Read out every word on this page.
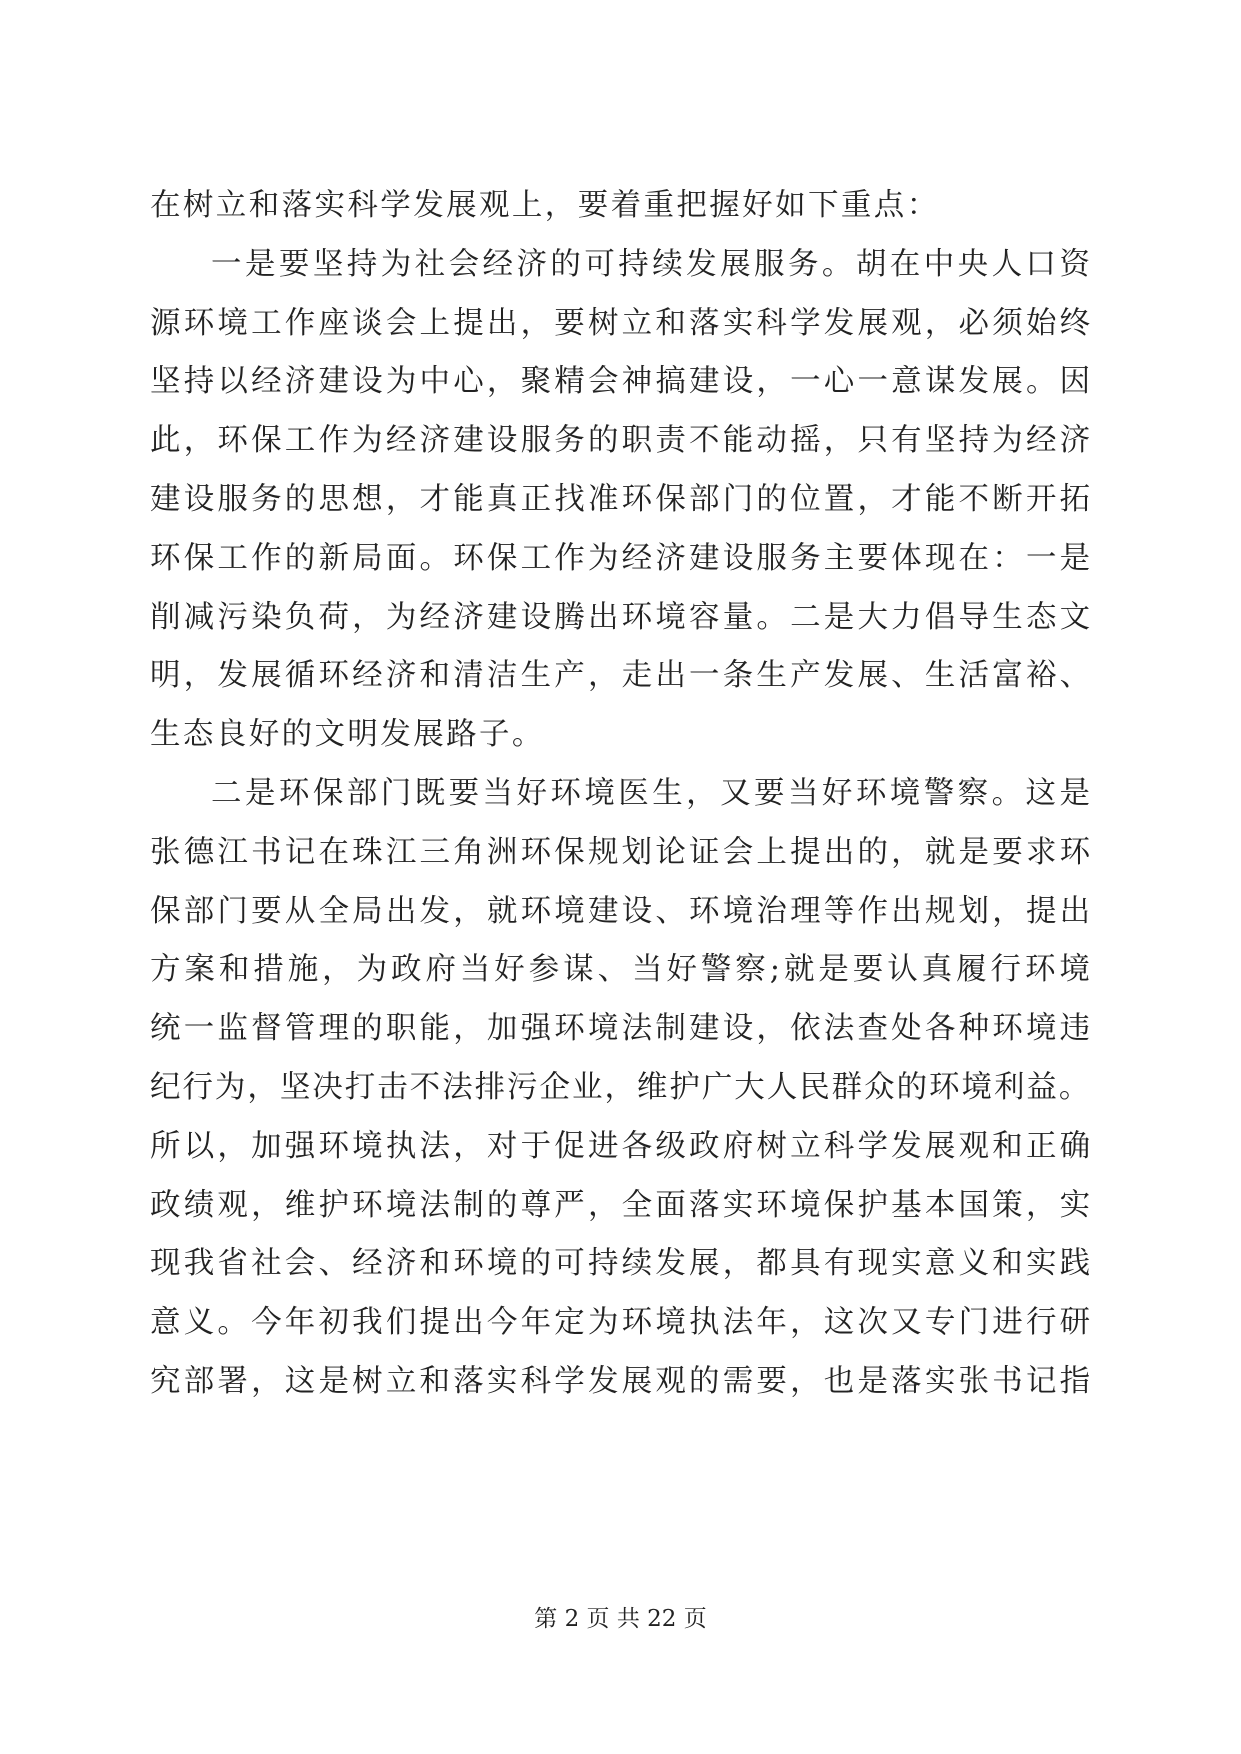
在树立和落实科学发展观上，要着重把握好如下重点：
一是要坚持为社会经济的可持续发展服务。胡在中央人口资
源环境工作座谈会上提出，要树立和落实科学发展观，必须始终
坚持以经济建设为中心，聚精会神搞建设，一心一意谋发展。因
此，环保工作为经济建设服务的职责不能动摇，只有坚持为经济
建设服务的思想，才能真正找准环保部门的位置，才能不断开拓
环保工作的新局面。环保工作为经济建设服务主要体现在：一是
削减污染负荷，为经济建设腾出环境容量。二是大力倡导生态文
明，发展循环经济和清洁生产，走出一条生产发展、生活富裕、
生态良好的文明发展路子。
二是环保部门既要当好环境医生，又要当好环境警察。这是
张德江书记在珠江三角洲环保规划论证会上提出的，就是要求环
保部门要从全局出发，就环境建设、环境治理等作出规划，提出
方案和措施，为政府当好参谋、当好警察;就是要认真履行环境
统一监督管理的职能，加强环境法制建设，依法查处各种环境违
纪行为，坚决打击不法排污企业，维护广大人民群众的环境利益。
所以，加强环境执法，对于促进各级政府树立科学发展观和正确
政绩观，维护环境法制的尊严，全面落实环境保护基本国策，实
现我省社会、经济和环境的可持续发展，都具有现实意义和实践
意义。今年初我们提出今年定为环境执法年，这次又专门进行研
究部署，这是树立和落实科学发展观的需要，也是落实张书记指
第 2 页 共 22 页
